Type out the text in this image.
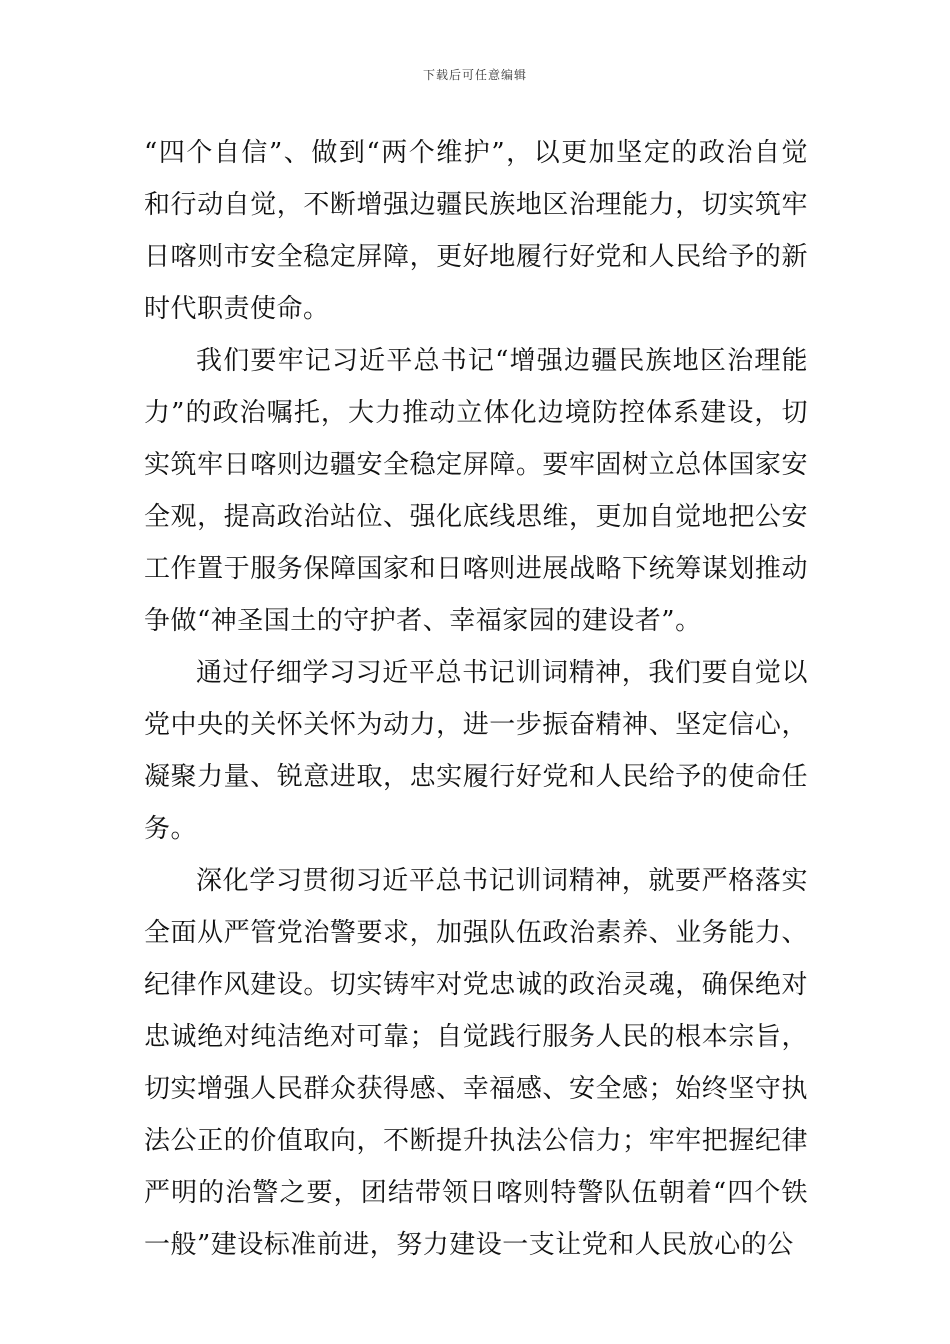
下载后可任意编辑

“四个自信”、做到“两个维护”，以更加坚定的政治自觉和行动自觉，不断增强边疆民族地区治理能力，切实筑牢日喀则市安全稳定屏障，更好地履行好党和人民给予的新时代职责使命。

我们要牢记习近平总书记“增强边疆民族地区治理能力”的政治嘱托，大力推动立体化边境防控体系建设，切实筑牢日喀则边疆安全稳定屏障。要牢固树立总体国家安全观，提高政治站位、强化底线思维，更加自觉地把公安工作置于服务保障国家和日喀则进展战略下统筹谋划推动争做“神圣国土的守护者、幸福家园的建设者”。

通过仔细学习习近平总书记训词精神，我们要自觉以党中央的关怀关怀为动力，进一步振奋精神、坚定信心，凝聚力量、锐意进取，忠实履行好党和人民给予的使命任务。

深化学习贯彻习近平总书记训词精神，就要严格落实全面从严管党治警要求，加强队伍政治素养、业务能力、纪律作风建设。切实铸牢对党忠诚的政治灵魂，确保绝对忠诚绝对纯洁绝对可靠；自觉践行服务人民的根本宗旨，切实增强人民群众获得感、幸福感、安全感；始终坚守执法公正的价值取向，不断提升执法公信力；牢牢把握纪律严明的治警之要，团结带领日喀则特警队伍朝着“四个铁一般”建设标准前进，努力建设一支让党和人民放心的公
